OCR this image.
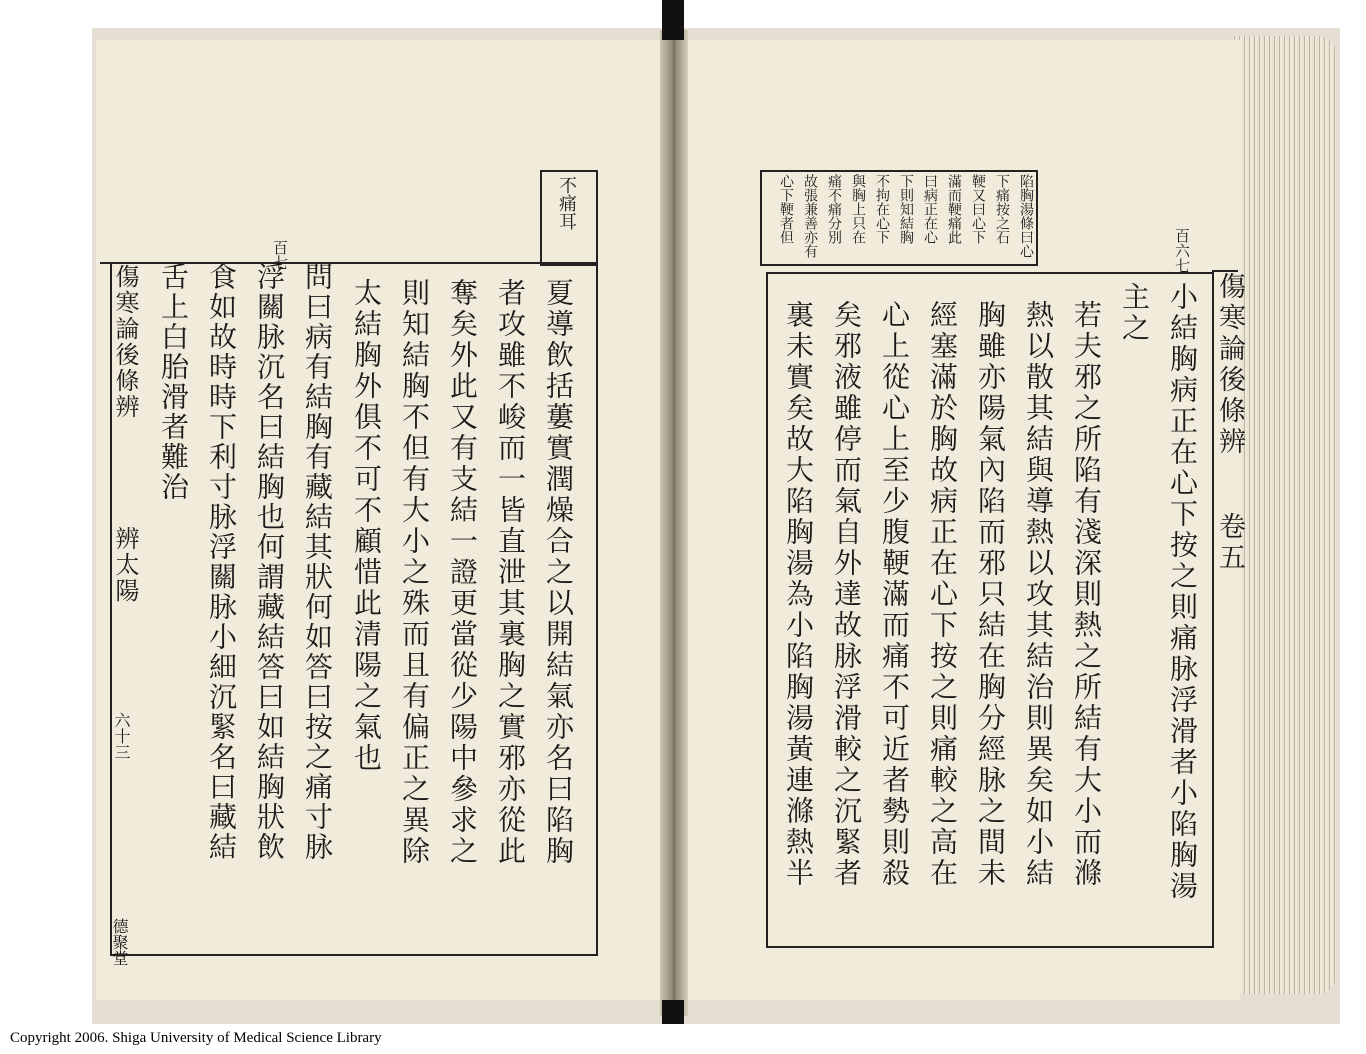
傷寒論後條辨
卷五
百六七
陷胸湯條曰心
下痛按之石
鞕又曰心下
滿而鞕痛此
曰病正在心
下則知結胸
不拘在心下
與胸上只在
痛不痛分別
故張兼善亦有
心下鞕者但
小結胸病正在心下按之則痛脉浮滑者小陷胸湯
主之
若夫邪之所陷有淺深則熱之所結有大小而滌
熱以散其結與導熱以攻其結治則異矣如小結
胸雖亦陽氣內陷而邪只結在胸分經脉之間未
經塞滿於胸故病正在心下按之則痛較之高在
心上從心上至少腹鞕滿而痛不可近者勢則殺
矣邪液雖停而氣自外達故脉浮滑較之沉緊者
裏未實矣故大陷胸湯為小陷胸湯黃連滌熱半
不痛耳
百七
傷寒論後條辨
辨太陽
六十三
德聚堂
夏導飲括蔞實潤燥合之以開結氣亦名曰陷胸
者攻雖不峻而一皆直泄其裏胸之實邪亦從此
奪矣外此又有支結一證更當從少陽中參求之
則知結胸不但有大小之殊而且有偏正之異除
太結胸外俱不可不顧惜此清陽之氣也
問曰病有結胸有藏結其狀何如答曰按之痛寸脉
浮關脉沉名曰結胸也何謂藏結答曰如結胸狀飲
食如故時時下利寸脉浮關脉小細沉緊名曰藏結
舌上白胎滑者難治
Copyright 2006. Shiga University of Medical Science Library
